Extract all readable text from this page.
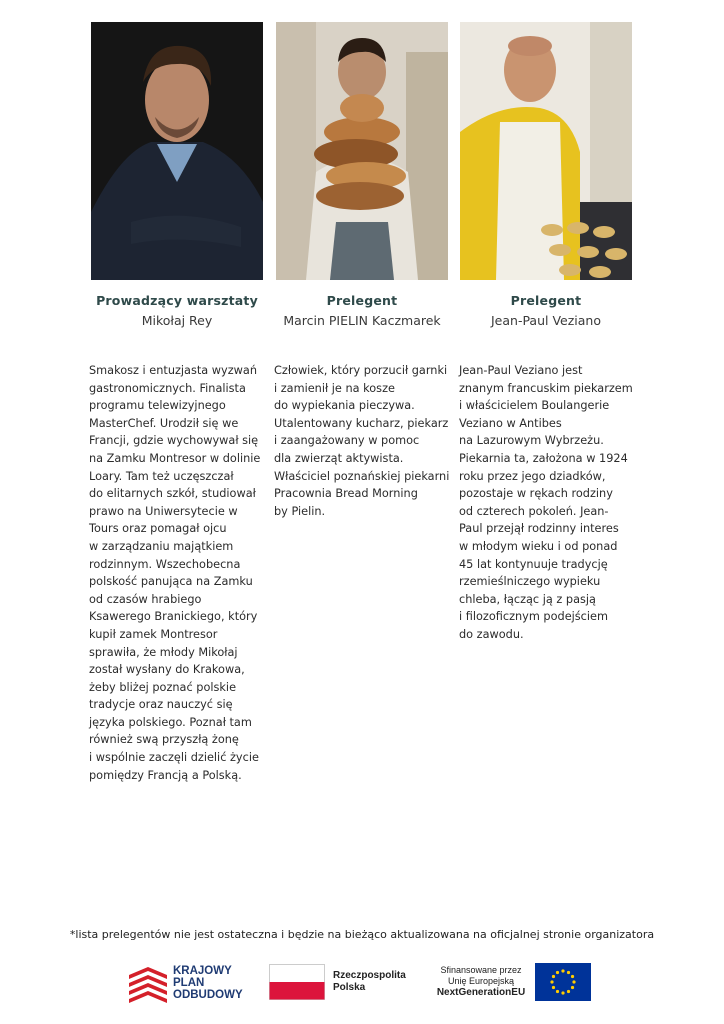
Prowadzący warsztaty
Mikołaj Rey
Prelegent
Marcin PIELIN Kaczmarek
Prelegent
Jean-Paul Veziano
Smakosz i entuzjasta wyzwań
gastronomicznych. Finalista
programu telewizyjnego
MasterChef. Urodził się we
Francji, gdzie wychowywał się
na Zamku Montresor w dolinie
Loary. Tam też uczęszczał
do elitarnych szkół, studiował
prawo na Uniwersytecie w
Tours oraz pomagał ojcu
w zarządzaniu majątkiem
rodzinnym. Wszechobecna
polskość panująca na Zamku
od czasów hrabiego
Ksawerego Branickiego, który
kupił zamek Montresor
sprawiła, że młody Mikołaj
został wysłany do Krakowa,
żeby bliżej poznać polskie
tradycje oraz nauczyć się
języka polskiego. Poznał tam
również swą przyszłą żonę
i wspólnie zaczęli dzielić życie
pomiędzy Francją a Polską.
Człowiek, który porzucił garnki
i zamienił je na kosze
do wypiekania pieczywa.
Utalentowany kucharz, piekarz
i zaangażowany w pomoc
dla zwierząt aktywista.
Właściciel poznańskiej piekarni
Pracownia Bread Morning
by Pielin.
Jean-Paul Veziano jest
znanym francuskim piekarzem
i właścicielem Boulangerie
Veziano w Antibes
na Lazurowym Wybrzeżu.
Piekarnia ta, założona w 1924
roku przez jego dziadków,
pozostaje w rękach rodziny
od czterech pokoleń. Jean-
Paul przejął rodzinny interes
w młodym wieku i od ponad
45 lat kontynuuje tradycję
rzemieślniczego wypieku
chleba, łącząc ją z pasją
i filozoficznym podejściem
do zawodu.
*lista prelegentów nie jest ostateczna i będzie na bieżąco aktualizowana na oficjalnej stronie organizatora
KRAJOWY
PLAN
ODBUDOWY
Rzeczpospolita
Polska
Sfinansowane przez
Unię Europejską
NextGenerationEU
